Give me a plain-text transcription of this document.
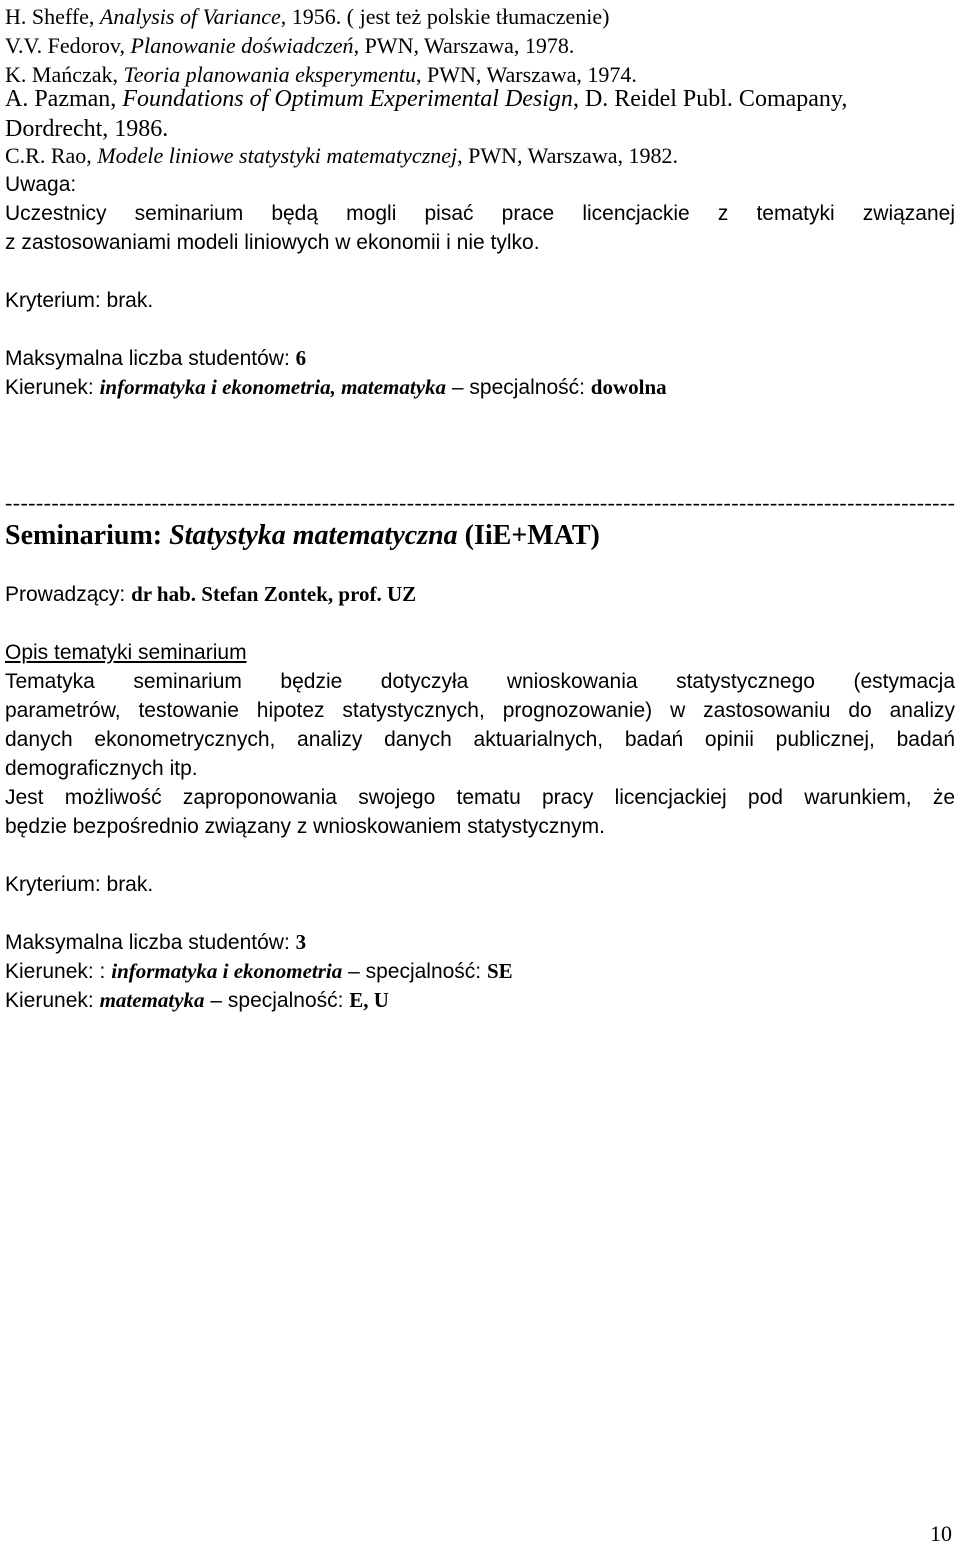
H. Sheffe, Analysis of Variance, 1956. ( jest też polskie tłumaczenie)
V.V. Fedorov, Planowanie doświadczeń, PWN, Warszawa, 1978.
K. Mańczak, Teoria planowania eksperymentu, PWN, Warszawa, 1974.
A. Pazman, Foundations of Optimum Experimental Design, D. Reidel Publ. Comapany,
Dordrecht, 1986.
C.R. Rao, Modele liniowe statystyki matematycznej, PWN, Warszawa, 1982.
Uwaga:
Uczestnicy seminarium będą mogli pisać prace licencjackie z tematyki związanej
z zastosowaniami modeli liniowych w ekonomii i nie tylko.
Kryterium: brak.
Maksymalna liczba studentów: 6
Kierunek: informatyka i ekonometria, matematyka – specjalność: dowolna
---------------------------------------------------------------------------------------------------------------------------
Seminarium: Statystyka matematyczna (IiE+MAT)
Prowadzący: dr hab. Stefan Zontek, prof. UZ
Opis tematyki seminarium
Tematyka seminarium będzie dotyczyła wnioskowania statystycznego (estymacja
parametrów, testowanie hipotez statystycznych, prognozowanie) w zastosowaniu do analizy
danych ekonometrycznych, analizy danych aktuarialnych, badań opinii publicznej, badań
demograficznych itp.
Jest możliwość zaproponowania swojego tematu pracy licencjackiej pod warunkiem, że
będzie bezpośrednio związany z wnioskowaniem statystycznym.
Kryterium: brak.
Maksymalna liczba studentów: 3
Kierunek: : informatyka i ekonometria – specjalność: SE
Kierunek: matematyka – specjalność: E, U
10
